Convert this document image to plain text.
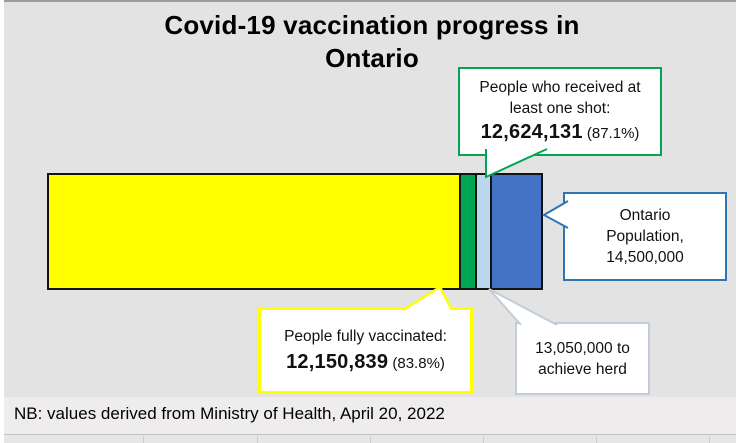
Covid-19 vaccination progress in
Ontario
People who received at
least one shot:
12,624,131 (87.1%)
Ontario
Population,
14,500,000
People fully vaccinated:
12,150,839 (83.8%)
13,050,000 to
achieve herd
NB: values derived from Ministry of Health, April 20, 2022
